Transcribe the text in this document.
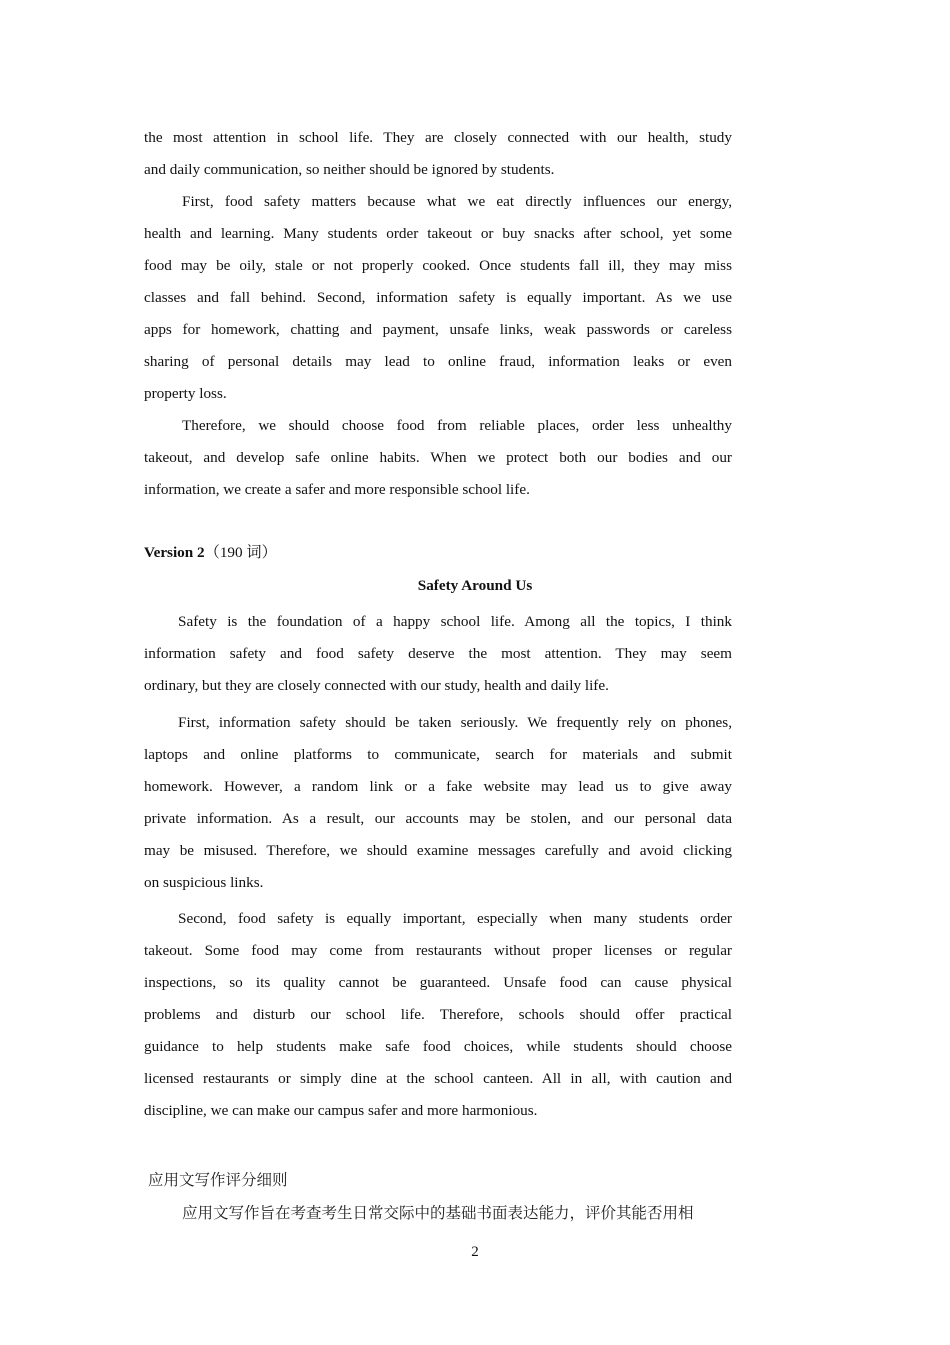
the most attention in school life. They are closely connected with our health, study
and daily communication, so neither should be ignored by students.
First, food safety matters because what we eat directly influences our energy,
health and learning. Many students order takeout or buy snacks after school, yet some
food may be oily, stale or not properly cooked. Once students fall ill, they may miss
classes and fall behind. Second, information safety is equally important. As we use
apps for homework, chatting and payment, unsafe links, weak passwords or careless
sharing of personal details may lead to online fraud, information leaks or even
property loss.
Therefore, we should choose food from reliable places, order less unhealthy
takeout, and develop safe online habits. When we protect both our bodies and our
information, we create a safer and more responsible school life.
Version 2（190 词）
Safety Around Us
Safety is the foundation of a happy school life. Among all the topics, I think
information safety and food safety deserve the most attention. They may seem
ordinary, but they are closely connected with our study, health and daily life.
First, information safety should be taken seriously. We frequently rely on phones,
laptops and online platforms to communicate, search for materials and submit
homework. However, a random link or a fake website may lead us to give away
private information. As a result, our accounts may be stolen, and our personal data
may be misused. Therefore, we should examine messages carefully and avoid clicking
on suspicious links.
Second, food safety is equally important, especially when many students order
takeout. Some food may come from restaurants without proper licenses or regular
inspections, so its quality cannot be guaranteed. Unsafe food can cause physical
problems and disturb our school life. Therefore, schools should offer practical
guidance to help students make safe food choices, while students should choose
licensed restaurants or simply dine at the school canteen. All in all, with caution and
discipline, we can make our campus safer and more harmonious.
应用文写作评分细则
应用文写作旨在考查考生日常交际中的基础书面表达能力，评价其能否用相
2
